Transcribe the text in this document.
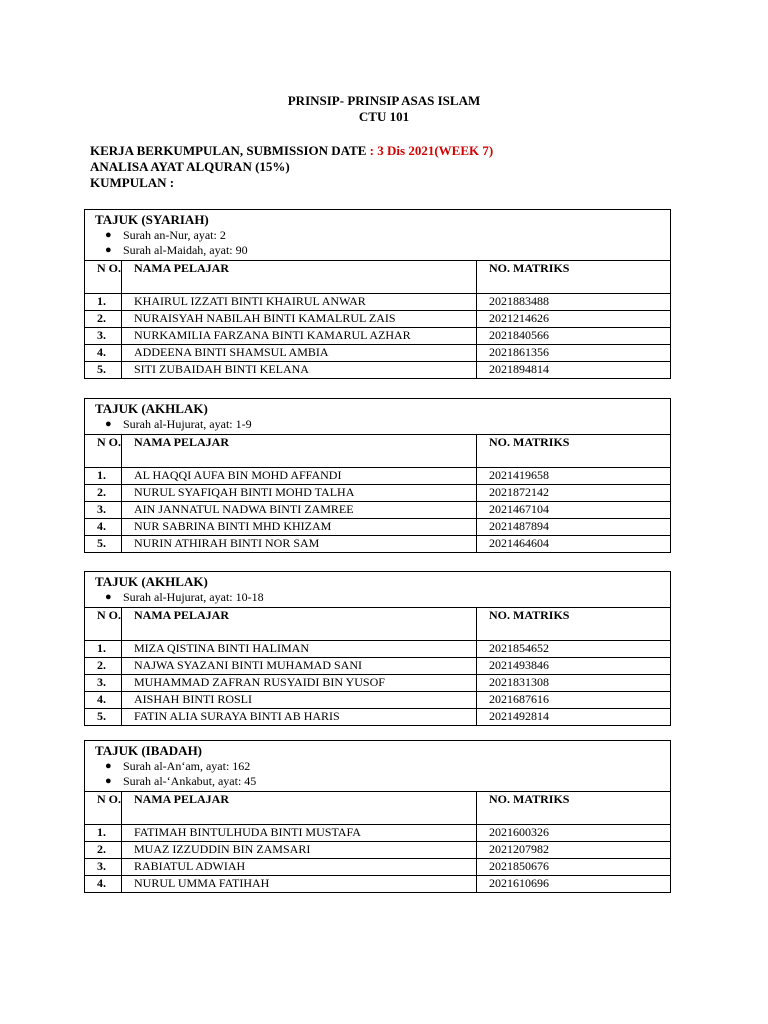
PRINSIP- PRINSIP ASAS ISLAM
CTU 101
KERJA BERKUMPULAN, SUBMISSION DATE : 3 Dis 2021(WEEK 7)
ANALISA AYAT ALQURAN (15%)
KUMPULAN :
TAJUK (SYARIAH)
● Surah an-Nur, ayat: 2
● Surah al-Maidah, ayat: 90		

N O.	NAMA PELAJAR	NO. MATRIKS
1.	KHAIRUL IZZATI BINTI KHAIRUL ANWAR	2021883488
2.	NURAISYAH NABILAH BINTI KAMALRUL ZAIS	2021214626
3.	NURKAMILIA FARZANA BINTI KAMARUL AZHAR	2021840566
4.	ADDEENA BINTI SHAMSUL AMBIA	2021861356
5.	SITI ZUBAIDAH BINTI KELANA	2021894814
TAJUK (AKHLAK)
● Surah al-Hujurat, ayat: 1-9		

N O.	NAMA PELAJAR	NO. MATRIKS
1.	AL HAQQI AUFA BIN MOHD AFFANDI	2021419658
2.	NURUL SYAFIQAH BINTI MOHD TALHA	2021872142
3.	AIN JANNATUL NADWA BINTI ZAMREE	2021467104
4.	NUR SABRINA BINTI MHD KHIZAM	2021487894
5.	NURIN ATHIRAH BINTI NOR SAM	2021464604
TAJUK (AKHLAK)
● Surah al-Hujurat, ayat: 10-18		

N O.	NAMA PELAJAR	NO. MATRIKS
1.	MIZA QISTINA BINTI HALIMAN	2021854652
2.	NAJWA SYAZANI BINTI MUHAMAD SANI	2021493846
3.	MUHAMMAD ZAFRAN RUSYAIDI BIN YUSOF	2021831308
4.	AISHAH BINTI ROSLI	2021687616
5.	FATIN ALIA SURAYA BINTI AB HARIS	2021492814
TAJUK (IBADAH)
● Surah al-An‘am, ayat: 162
● Surah al-‘Ankabut, ayat: 45		

N O.	NAMA PELAJAR	NO. MATRIKS
1.	FATIMAH BINTULHUDA BINTI MUSTAFA	2021600326
2.	MUAZ IZZUDDIN BIN ZAMSARI	2021207982
3.	RABIATUL ADWIAH	2021850676
4.	NURUL UMMA FATIHAH	2021610696
